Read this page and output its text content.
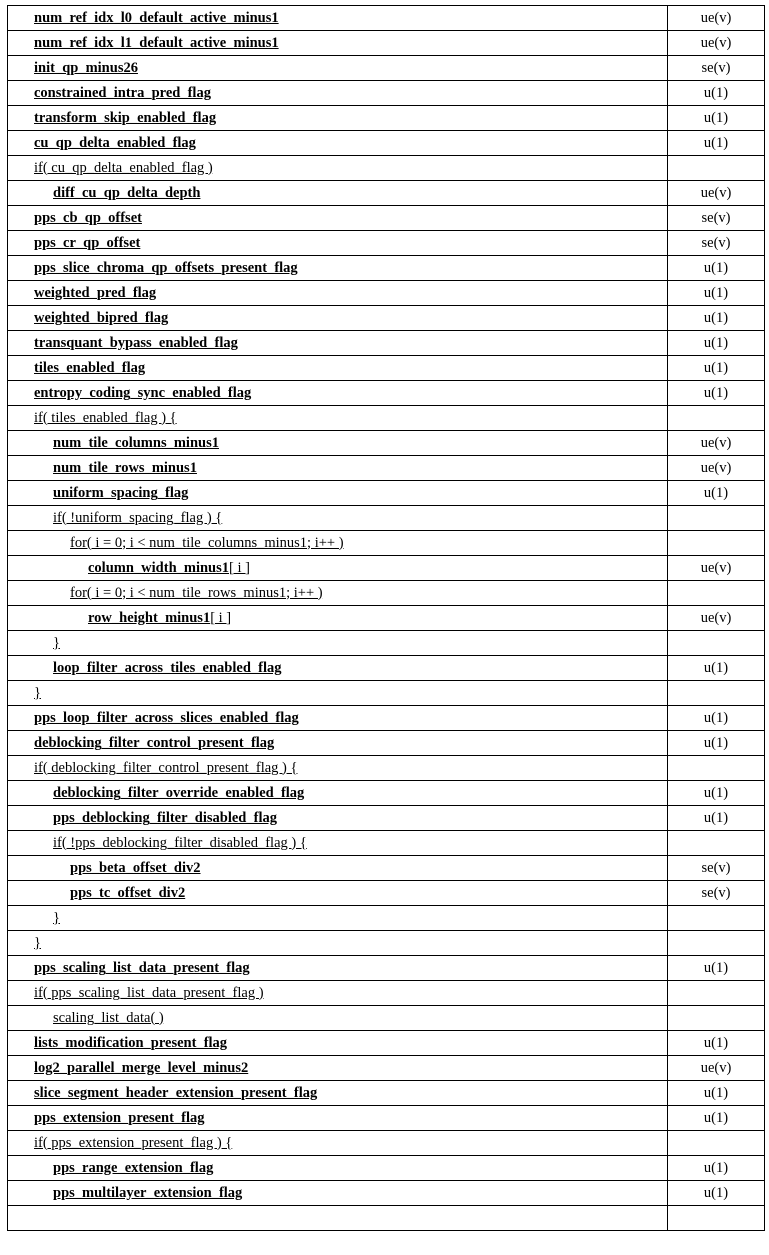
num_ref_idx_l0_default_active_minus1	ue(v)
num_ref_idx_l1_default_active_minus1	ue(v)
init_qp_minus26	se(v)
constrained_intra_pred_flag	u(1)
transform_skip_enabled_flag	u(1)
cu_qp_delta_enabled_flag	u(1)
if( cu_qp_delta_enabled_flag )	
diff_cu_qp_delta_depth	ue(v)
pps_cb_qp_offset	se(v)
pps_cr_qp_offset	se(v)
pps_slice_chroma_qp_offsets_present_flag	u(1)
weighted_pred_flag	u(1)
weighted_bipred_flag	u(1)
transquant_bypass_enabled_flag	u(1)
tiles_enabled_flag	u(1)
entropy_coding_sync_enabled_flag	u(1)
if( tiles_enabled_flag ) {	
num_tile_columns_minus1	ue(v)
num_tile_rows_minus1	ue(v)
uniform_spacing_flag	u(1)
if( !uniform_spacing_flag ) {	
for( i = 0; i < num_tile_columns_minus1; i++ )	
column_width_minus1[ i ]	ue(v)
for( i = 0; i < num_tile_rows_minus1; i++ )	
row_height_minus1[ i ]	ue(v)
}	
loop_filter_across_tiles_enabled_flag	u(1)
}	
pps_loop_filter_across_slices_enabled_flag	u(1)
deblocking_filter_control_present_flag	u(1)
if( deblocking_filter_control_present_flag ) {	
deblocking_filter_override_enabled_flag	u(1)
pps_deblocking_filter_disabled_flag	u(1)
if( !pps_deblocking_filter_disabled_flag ) {	
pps_beta_offset_div2	se(v)
pps_tc_offset_div2	se(v)
}	
}	
pps_scaling_list_data_present_flag	u(1)
if( pps_scaling_list_data_present_flag )	
scaling_list_data( )	
lists_modification_present_flag	u(1)
log2_parallel_merge_level_minus2	ue(v)
slice_segment_header_extension_present_flag	u(1)
pps_extension_present_flag	u(1)
if( pps_extension_present_flag ) {	
pps_range_extension_flag	u(1)
pps_multilayer_extension_flag	u(1)
